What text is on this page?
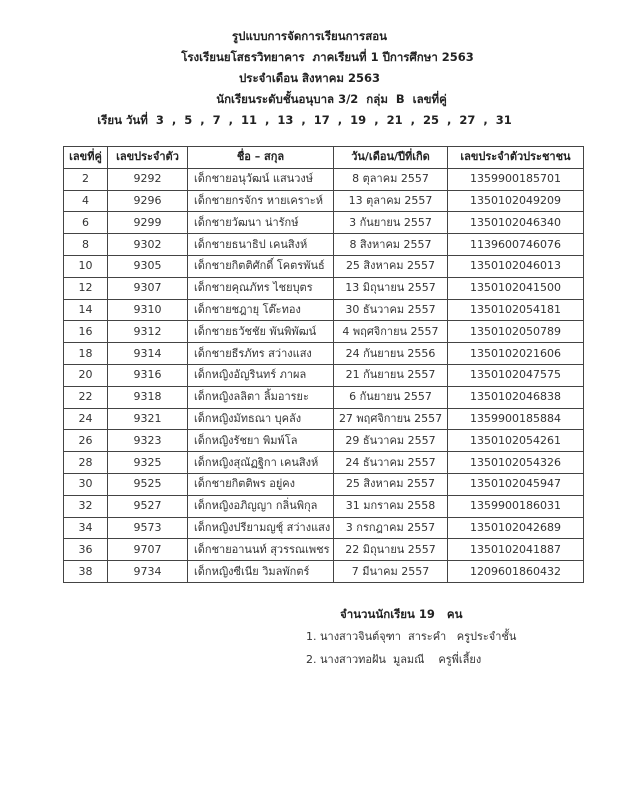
รูปแบบการจัดการเรียนการสอน
โรงเรียนยโสธรวิทยาคาร  ภาคเรียนที่ 1 ปีการศึกษา 2563
ประจำเดือน สิงหาคม 2563
นักเรียนระดับชั้นอนุบาล 3/2  กลุ่ม  B  เลขที่คู่
เรียน วันที่  3  ,  5  ,  7  ,  11  ,  13  ,  17  ,  19  ,  21  ,  25  ,  27  ,  31
เลขที่คู่	เลขประจำตัว	ชื่อ – สกุล	วัน/เดือน/ปีที่เกิด	เลขประจำตัวประชาชน
2	9292	เด็กชายอนุวัฒน์ แสนวงษ์	8 ตุลาคม 2557	1359900185701
4	9296	เด็กชายกรจักร หายเคราะห์	13 ตุลาคม 2557	1350102049209
6	9299	เด็กชายวัฒนา น่ารักษ์	3 กันยายน 2557	1350102046340
8	9302	เด็กชายธนาธิป เคนสิงห์	8 สิงหาคม 2557	1139600746076
10	9305	เด็กชายกิตติศักดิ์ โคตรพันธ์	25 สิงหาคม 2557	1350102046013
12	9307	เด็กชายคุณภัทร ไชยบุตร	13 มิถุนายน 2557	1350102041500
14	9310	เด็กชายชฎายุ โต๊ะทอง	30 ธันวาคม 2557	1350102054181
16	9312	เด็กชายธวัชชัย พันพิพัฒน์	4 พฤศจิกายน 2557	1350102050789
18	9314	เด็กชายธีรภัทร สว่างแสง	24 กันยายน 2556	1350102021606
20	9316	เด็กหญิงอัญรินทร์ ภาผล	21 กันยายน 2557	1350102047575
22	9318	เด็กหญิงลลิตา ลิ้มอารยะ	6 กันยายน 2557	1350102046838
24	9321	เด็กหญิงมัทธณา บุคลัง	27 พฤศจิกายน 2557	1359900185884
26	9323	เด็กหญิงรัชยา พิมพ์โล	29 ธันวาคม 2557	1350102054261
28	9325	เด็กหญิงสุณัฏฐิกา เคนสิงห์	24 ธันวาคม 2557	1350102054326
30	9525	เด็กชายกิตติพร อยู่คง	25 สิงหาคม 2557	1350102045947
32	9527	เด็กหญิงอภิญญา กลิ่นพิกุล	31 มกราคม 2558	1359900186031
34	9573	เด็กหญิงปรียามญชุ์ สว่างแสง	3 กรกฎาคม 2557	1350102042689
36	9707	เด็กชายอานนท์ สุวรรณเพชร	22 มิถุนายน 2557	1350102041887
38	9734	เด็กหญิงซีเนีย วิมลพักตร์	7 มีนาคม 2557	1209601860432
จำนวนนักเรียน 19   คน
1. นางสาวจินต์จุฑา  สาระคำ   ครูประจำชั้น
2. นางสาวทอฝัน  มูลมณี    ครูพี่เลี้ยง
